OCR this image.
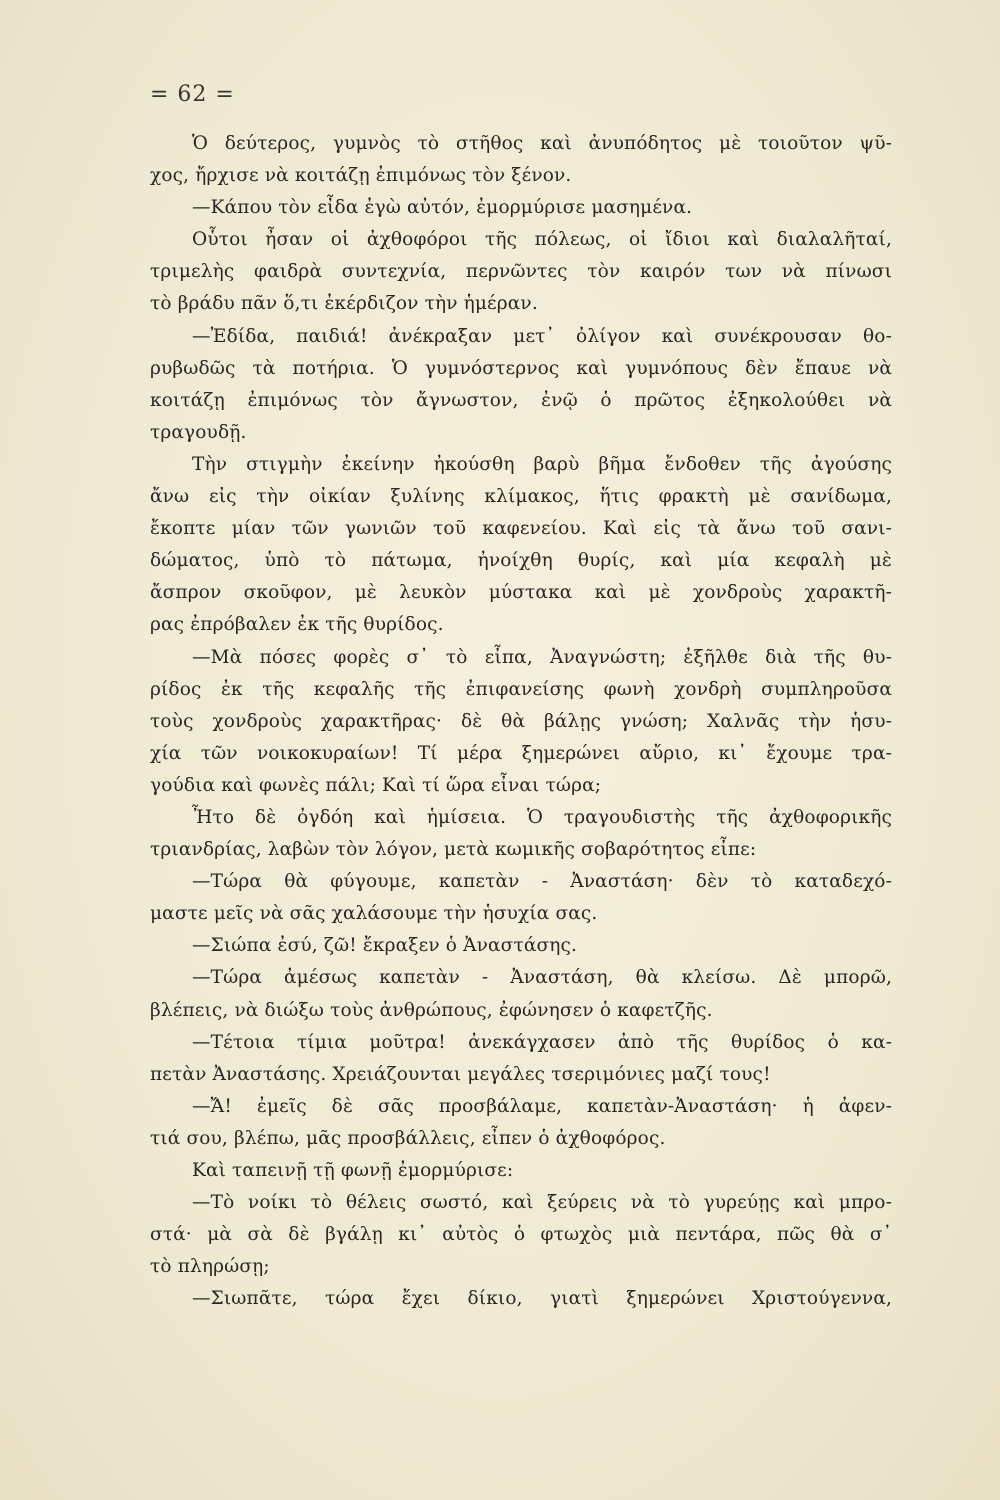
= 62 =
Ὁ δεύτερος, γυμνὸς τὸ στῆθος καὶ ἀνυπόδητος μὲ τοιοῦτον ψῦ-
χος, ἤρχισε νὰ κοιτάζῃ ἐπιμόνως τὸν ξένον.
—Κάπου τὸν εἶδα ἐγὼ αὐτόν, ἐμορμύρισε μασημένα.
Οὗτοι ἦσαν οἱ ἀχθοφόροι τῆς πόλεως, οἱ ἴδιοι καὶ διαλαλῆταί,
τριμελὴς φαιδρὰ συντεχνία, περνῶντες τὸν καιρόν των νὰ πίνωσι
τὸ βράδυ πᾶν ὅ,τι ἐκέρδιζον τὴν ἡμέραν.
—Ἐδίδα, παιδιά! ἀνέκραξαν μετ᾽ ὀλίγον καὶ συνέκρουσαν θο-
ρυβωδῶς τὰ ποτήρια. Ὁ γυμνόστερνος καὶ γυμνόπους δὲν ἔπαυε νὰ
κοιτάζῃ ἐπιμόνως τὸν ἄγνωστον, ἐνῷ ὁ πρῶτος ἐξηκολούθει νὰ
τραγουδῇ.
Τὴν στιγμὴν ἐκείνην ἠκούσθη βαρὺ βῆμα ἔνδοθεν τῆς ἀγούσης
ἄνω εἰς τὴν οἰκίαν ξυλίνης κλίμακος, ἥτις φρακτὴ μὲ σανίδωμα,
ἔκοπτε μίαν τῶν γωνιῶν τοῦ καφενείου. Καὶ εἰς τὰ ἄνω τοῦ σανι-
δώματος, ὑπὸ τὸ πάτωμα, ἠνοίχθη θυρίς, καὶ μία κεφαλὴ μὲ
ἄσπρον σκοῦφον, μὲ λευκὸν μύστακα καὶ μὲ χονδροὺς χαρακτῆ-
ρας ἐπρόβαλεν ἐκ τῆς θυρίδος.
—Μὰ πόσες φορὲς σ᾽ τὸ εἶπα, Ἀναγνώστη; ἐξῆλθε διὰ τῆς θυ-
ρίδος ἐκ τῆς κεφαλῆς τῆς ἐπιφανείσης φωνὴ χονδρὴ συμπληροῦσα
τοὺς χονδροὺς χαρακτῆρας· δὲ θὰ βάλῃς γνώση; Χαλνᾶς τὴν ἡσυ-
χία τῶν νοικοκυραίων! Τί μέρα ξημερώνει αὔριο, κι᾽ ἔχουμε τρα-
γούδια καὶ φωνὲς πάλι; Καὶ τί ὥρα εἶναι τώρα;
Ἦτο δὲ ὀγδόη καὶ ἡμίσεια. Ὁ τραγουδιστὴς τῆς ἀχθοφορικῆς
τριανδρίας, λαβὼν τὸν λόγον, μετὰ κωμικῆς σοβαρότητος εἶπε:
—Τώρα θὰ φύγουμε, καπετὰν - Ἀναστάση· δὲν τὸ καταδεχό-
μαστε μεῖς νὰ σᾶς χαλάσουμε τὴν ἡσυχία σας.
—Σιώπα ἐσύ, ζῶ! ἔκραξεν ὁ Ἀναστάσης.
—Τώρα ἀμέσως καπετὰν - Ἀναστάση, θὰ κλείσω. Δὲ μπορῶ,
βλέπεις, νὰ διώξω τοὺς ἀνθρώπους, ἐφώνησεν ὁ καφετζῆς.
—Τέτοια τίμια μοῦτρα! ἀνεκάγχασεν ἀπὸ τῆς θυρίδος ὁ κα-
πετὰν Ἀναστάσης. Χρειάζουνται μεγάλες τσεριμόνιες μαζί τους!
—Ἄ! ἐμεῖς δὲ σᾶς προσβάλαμε, καπετὰν-Ἀναστάση· ἡ ἀφεν-
τιά σου, βλέπω, μᾶς προσβάλλεις, εἶπεν ὁ ἀχθοφόρος.
Καὶ ταπεινῇ τῇ φωνῇ ἐμορμύρισε:
—Τὸ νοίκι τὸ θέλεις σωστό, καὶ ξεύρεις νὰ τὸ γυρεύῃς καὶ μπρο-
στά· μὰ σὰ δὲ βγάλῃ κι᾽ αὐτὸς ὁ φτωχὸς μιὰ πεντάρα, πῶς θὰ σ᾽
τὸ πληρώσῃ;
—Σιωπᾶτε, τώρα ἔχει δίκιο, γιατὶ ξημερώνει Χριστούγεννα,
